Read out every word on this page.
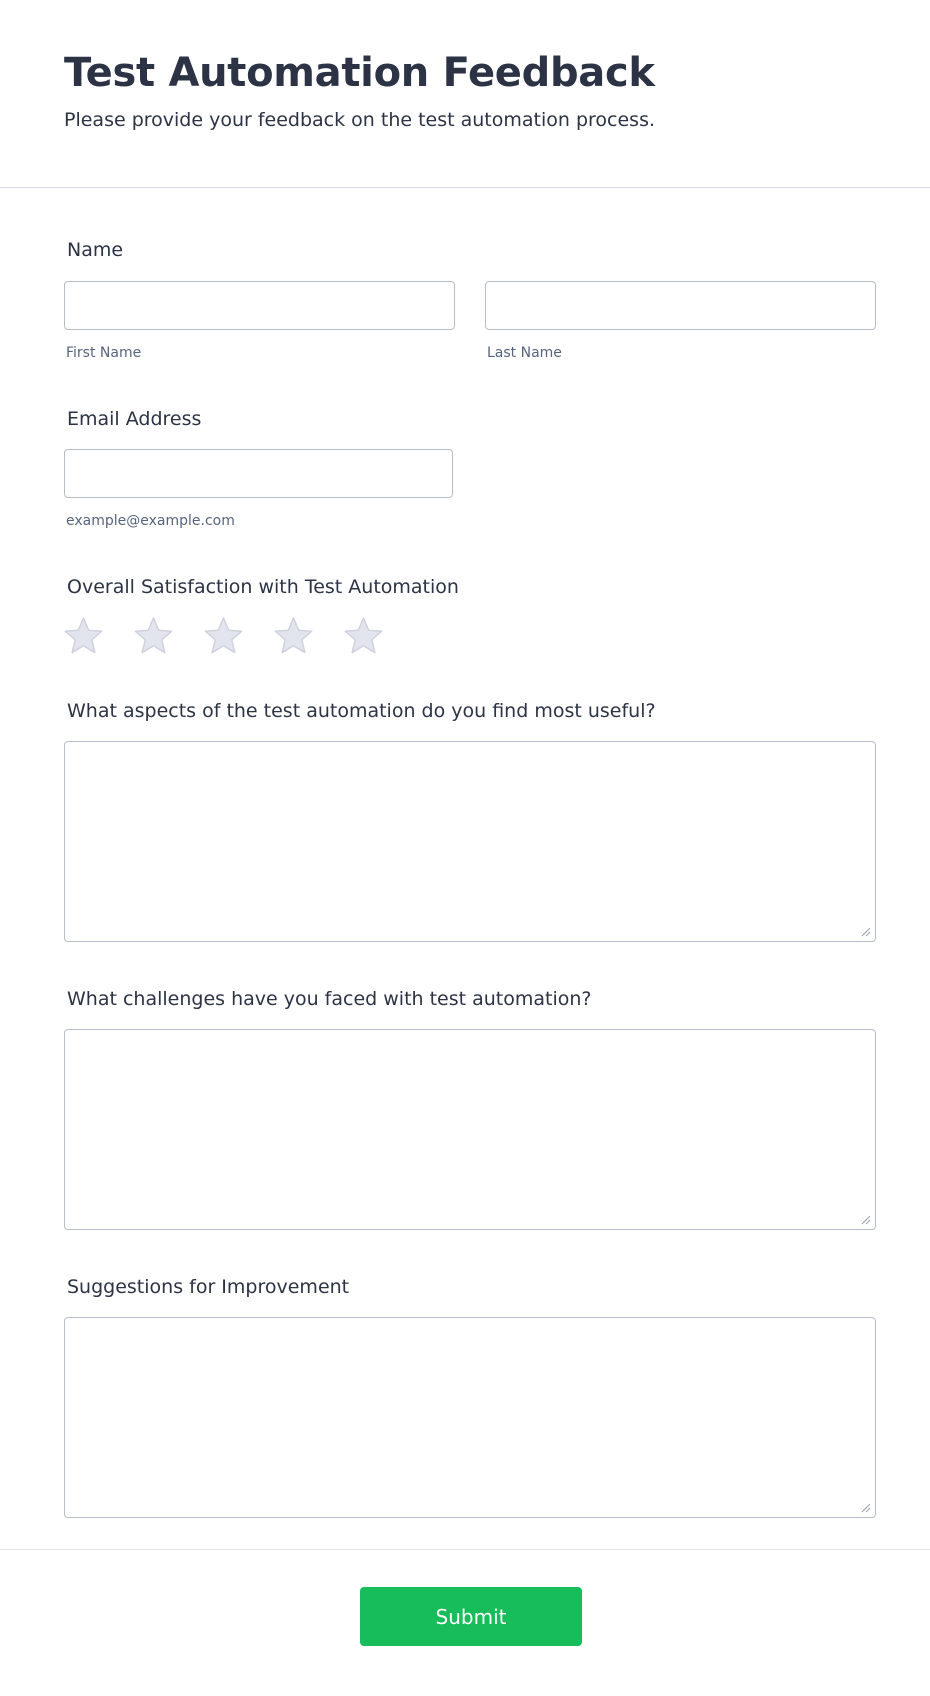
Test Automation Feedback

Please provide your feedback on the test automation process.

Name

First Name	Last Name

Email Address

example@example.com

Overall Satisfaction with Test Automation

What aspects of the test automation do you find most useful?

What challenges have you faced with test automation?

Suggestions for Improvement

Submit
